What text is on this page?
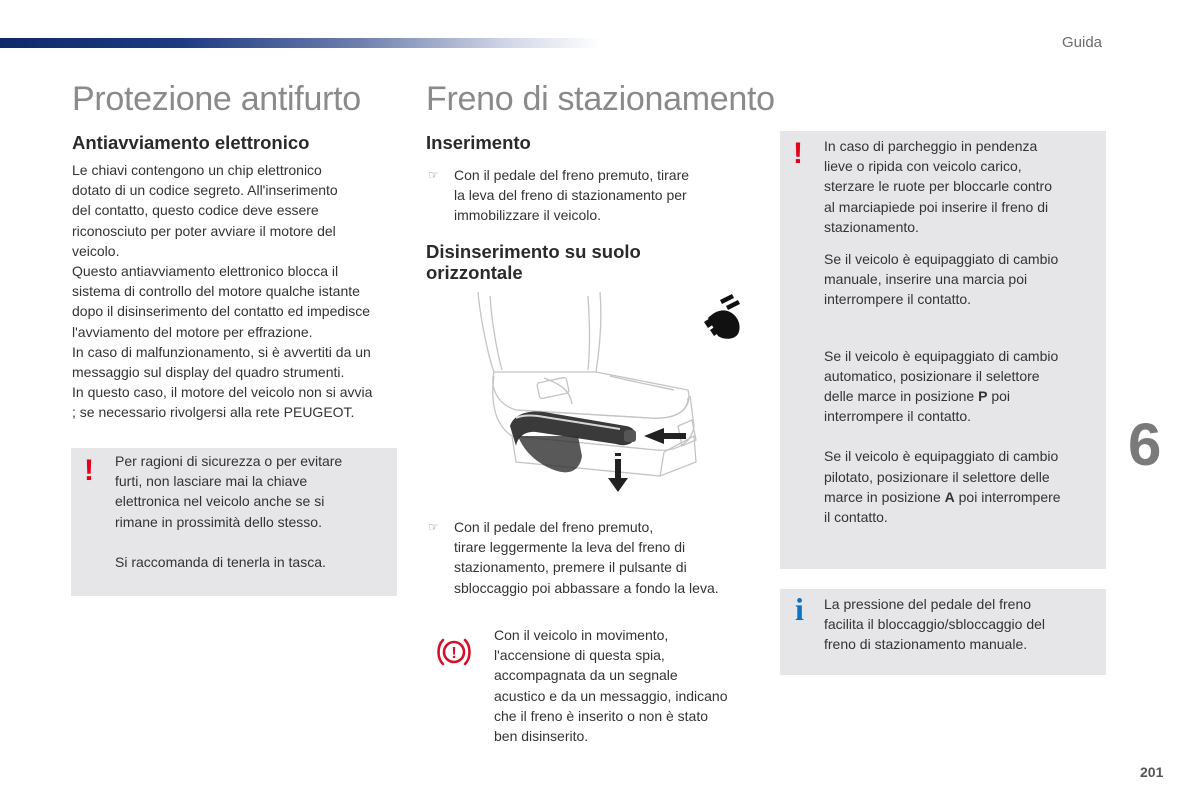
Guida
Protezione antifurto
Antiavviamento elettronico
Le chiavi contengono un chip elettronico
dotato di un codice segreto. All'inserimento
del contatto, questo codice deve essere
riconosciuto per poter avviare il motore del
veicolo.
Questo antiavviamento elettronico blocca il
sistema di controllo del motore qualche istante
dopo il disinserimento del contatto ed impedisce
l'avviamento del motore per effrazione.
In caso di malfunzionamento, si è avvertiti da un
messaggio sul display del quadro strumenti.
In questo caso, il motore del veicolo non si avvia
; se necessario rivolgersi alla rete PEUGEOT.
! Per ragioni di sicurezza o per evitare
furti, non lasciare mai la chiave
elettronica nel veicolo anche se si
rimane in prossimità dello stesso.
Si raccomanda di tenerla in tasca.
Freno di stazionamento
Inserimento
☞ Con il pedale del freno premuto, tirare
la leva del freno di stazionamento per
immobilizzare il veicolo.
Disinserimento su suolo
orizzontale
☞ Con il pedale del freno premuto,
tirare leggermente la leva del freno di
stazionamento, premere il pulsante di
sbloccaggio poi abbassare a fondo la leva.
!
Con il veicolo in movimento,
l'accensione di questa spia,
accompagnata da un segnale
acustico e da un messaggio, indicano
che il freno è inserito o non è stato
ben disinserito.
! In caso di parcheggio in pendenza
lieve o ripida con veicolo carico,
sterzare le ruote per bloccarle contro
al marciapiede poi inserire il freno di
stazionamento.
Se il veicolo è equipaggiato di cambio
manuale, inserire una marcia poi
interrompere il contatto.
Se il veicolo è equipaggiato di cambio
automatico, posizionare il selettore
delle marce in posizione P poi
interrompere il contatto.
Se il veicolo è equipaggiato di cambio
pilotato, posizionare il selettore delle
marce in posizione A poi interrompere
il contatto.
i La pressione del pedale del freno
facilita il bloccaggio/sbloccaggio del
freno di stazionamento manuale.
6
201
